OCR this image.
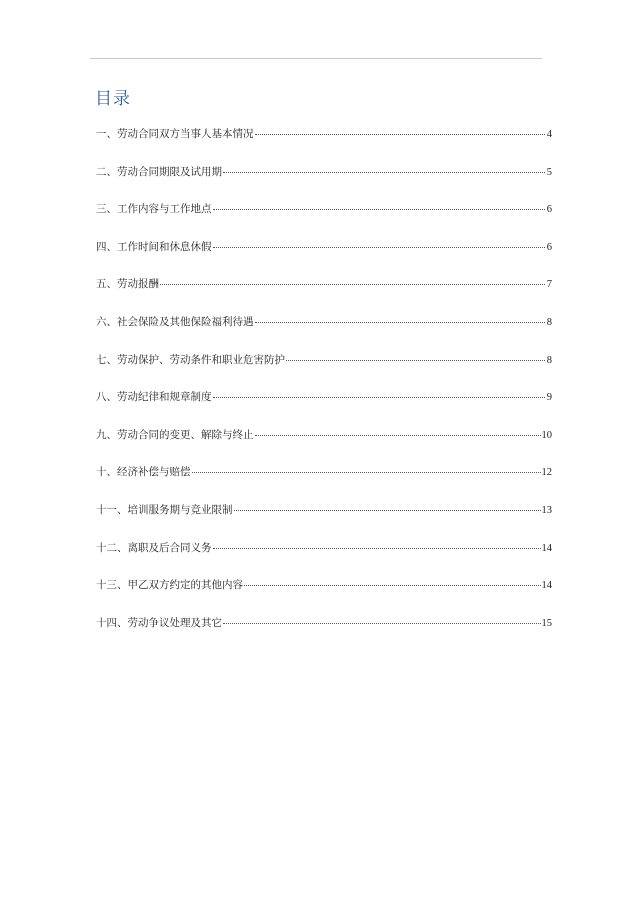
目录
一、劳动合同双方当事人基本情况	4
二、劳动合同期限及试用期	5
三、工作内容与工作地点	6
四、工作时间和休息休假	6
五、劳动报酬	7
六、社会保险及其他保险福利待遇	8
七、劳动保护、劳动条件和职业危害防护	8
八、劳动纪律和规章制度	9
九、劳动合同的变更、解除与终止	10
十、经济补偿与赔偿	12
十一、培训服务期与竞业限制	13
十二、离职及后合同义务	14
十三、甲乙双方约定的其他内容	14
十四、劳动争议处理及其它	15
